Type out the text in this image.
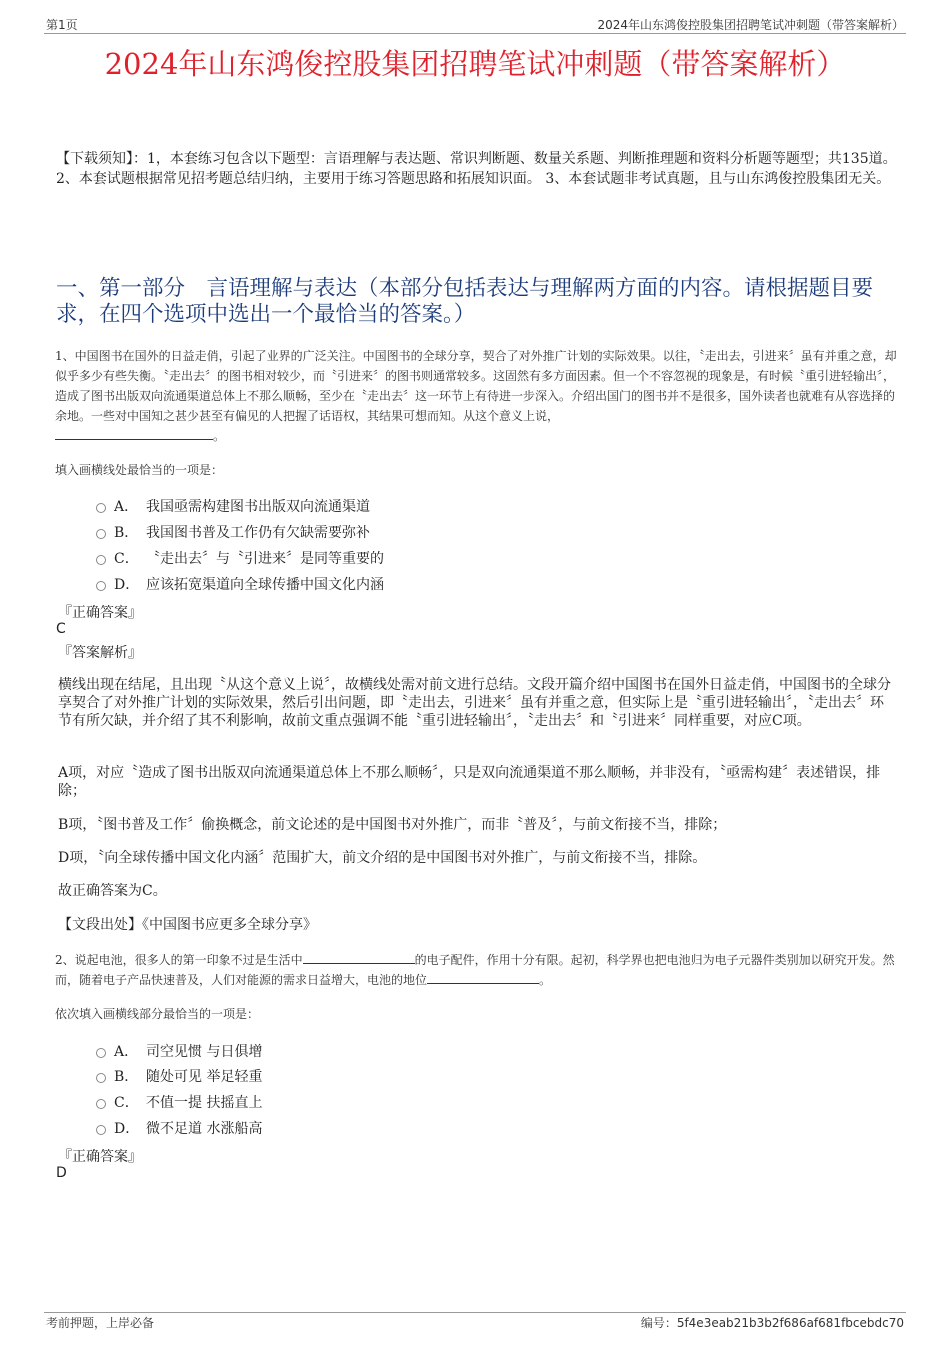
第1页	2024年山东鸿俊控股集团招聘笔试冲刺题（带答案解析）
2024年山东鸿俊控股集团招聘笔试冲刺题（带答案解析）
【下载须知】：1，本套练习包含以下题型：言语理解与表达题、常识判断题、数量关系题、判断推理题和资料分析题等题型；共135道。 2、本套试题根据常见招考题总结归纳，主要用于练习答题思路和拓展知识面。 3、本套试题非考试真题，且与山东鸿俊控股集团无关。
一、第一部分　言语理解与表达（本部分包括表达与理解两方面的内容。请根据题目要求，在四个选项中选出一个最恰当的答案。）
1、中国图书在国外的日益走俏，引起了业界的广泛关注。中国图书的全球分享，契合了对外推广计划的实际效果。以往，〝走出去，引进来〞虽有并重之意，却似乎多少有些失衡。〝走出去〞的图书相对较少，而〝引进来〞的图书则通常较多。这固然有多方面因素。但一个不容忽视的现象是，有时候〝重引进轻输出〞，造成了图书出版双向流通渠道总体上不那么顺畅，至少在〝走出去〞这一环节上有待进一步深入。介绍出国门的图书并不是很多，国外读者也就难有从容选择的余地。一些对中国知之甚少甚至有偏见的人把握了话语权，其结果可想而知。从这个意义上说，
。
填入画横线处最恰当的一项是：
A． 我国亟需构建图书出版双向流通渠道
B． 我国图书普及工作仍有欠缺需要弥补
C． 〝走出去〞与〝引进来〞是同等重要的
D． 应该拓宽渠道向全球传播中国文化内涵
『正确答案』
C
『答案解析』
横线出现在结尾，且出现〝从这个意义上说〞，故横线处需对前文进行总结。文段开篇介绍中国图书在国外日益走俏，中国图书的全球分享契合了对外推广计划的实际效果，然后引出问题，即〝走出去，引进来〞虽有并重之意，但实际上是〝重引进轻输出〞，〝走出去〞环节有所欠缺，并介绍了其不利影响，故前文重点强调不能〝重引进轻输出〞，〝走出去〞和〝引进来〞同样重要，对应C项。
A项，对应〝造成了图书出版双向流通渠道总体上不那么顺畅〞，只是双向流通渠道不那么顺畅，并非没有，〝亟需构建〞表述错误，排除；
B项，〝图书普及工作〞偷换概念，前文论述的是中国图书对外推广，而非〝普及〞，与前文衔接不当，排除；
D项，〝向全球传播中国文化内涵〞范围扩大，前文介绍的是中国图书对外推广，与前文衔接不当，排除。
故正确答案为C。
【文段出处】《中国图书应更多全球分享》
2、说起电池，很多人的第一印象不过是生活中	的电子配件，作用十分有限。起初，科学界也把电池归为电子元器件类别加以研究开发。然而，随着电子产品快速普及，人们对能源的需求日益增大，电池的地位	。
依次填入画横线部分最恰当的一项是：
A． 司空见惯 与日俱增
B． 随处可见 举足轻重
C． 不值一提 扶摇直上
D． 微不足道 水涨船高
『正确答案』
D
考前押题，上岸必备	编号：5f4e3eab21b3b2f686af681fbcebdc70
